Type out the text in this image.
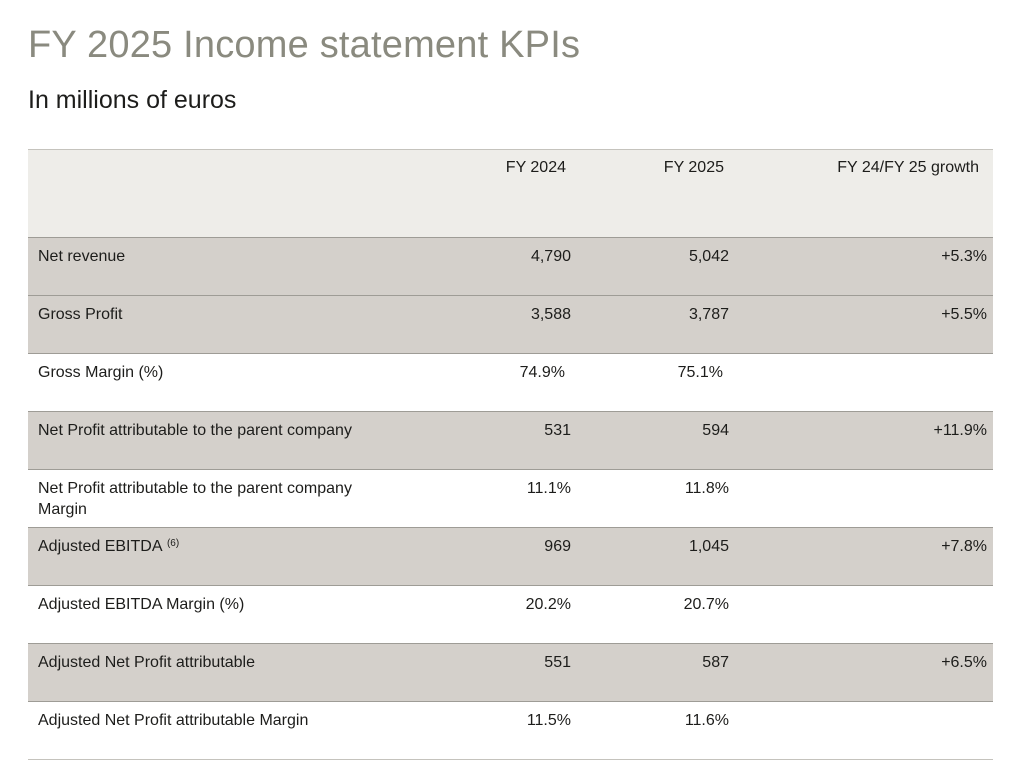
FY 2025 Income statement KPIs
In millions of euros
	FY 2024	FY 2025	FY 24/FY 25 growth
Net revenue	4,790	5,042	+5.3%
Gross Profit	3,588	3,787	+5.5%
Gross Margin (%)	74.9%	75.1%	
Net Profit attributable to the parent company	531	594	+11.9%
Net Profit attributable to the parent company Margin	11.1%	11.8%	
Adjusted EBITDA $^{(6)}$	969	1,045	+7.8%
Adjusted EBITDA Margin (%)	20.2%	20.7%	
Adjusted Net Profit attributable	551	587	+6.5%
Adjusted Net Profit attributable Margin	11.5%	11.6%	
